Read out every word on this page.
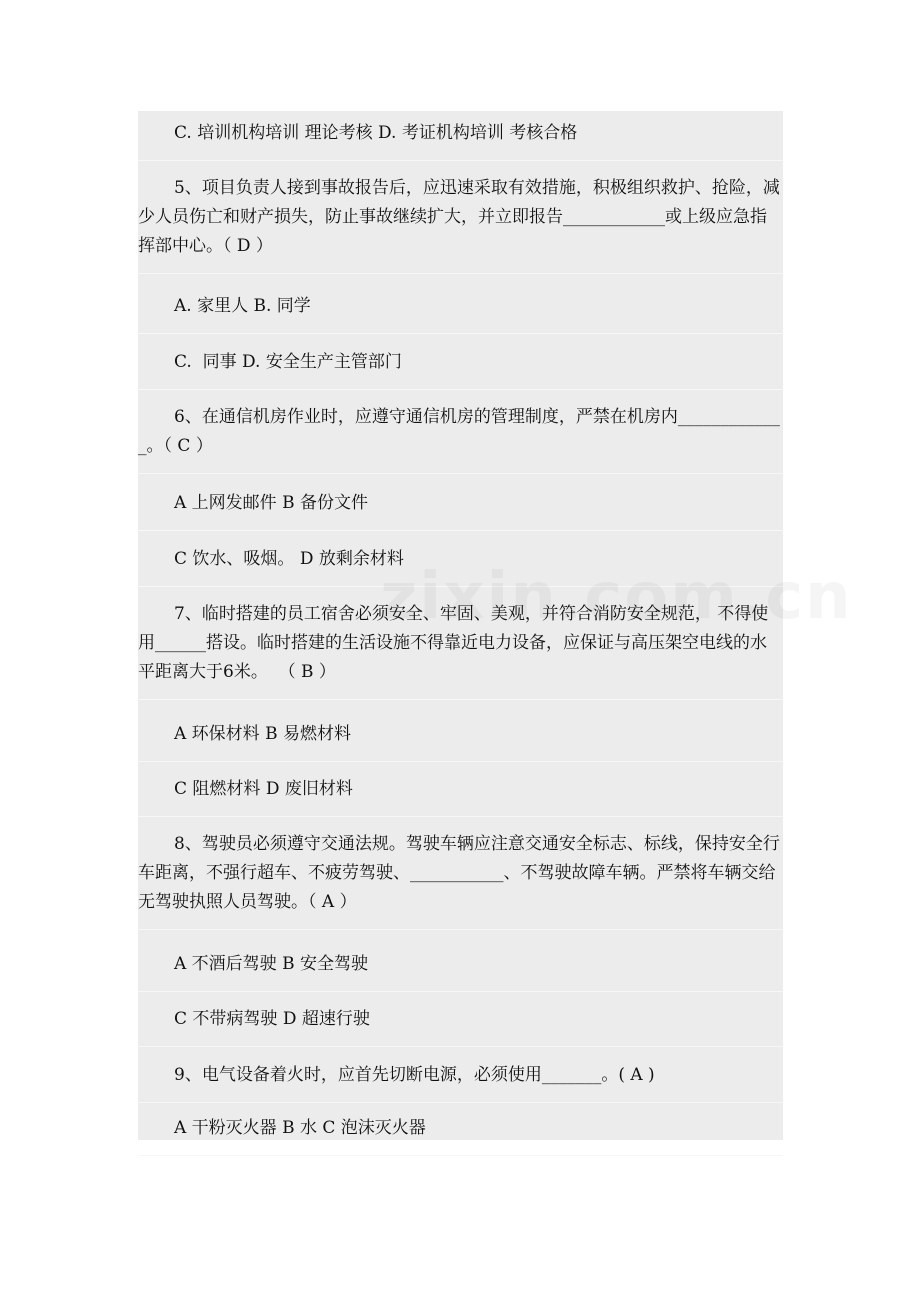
C. 培训机构培训 理论考核 D. 考证机构培训 考核合格
5、项目负责人接到事故报告后，应迅速采取有效措施，积极组织救护、抢险，减少人员伤亡和财产损失，防止事故继续扩大，并立即报告____________或上级应急指挥部中心。（ D ）
A. 家里人 B. 同学
C.  同事 D. 安全生产主管部门
6、在通信机房作业时，应遵守通信机房的管理制度，严禁在机房内_____________。（ C ）
A 上网发邮件 B 备份文件
C 饮水、吸烟。 D 放剩余材料
7、临时搭建的员工宿舍必须安全、牢固、美观，并符合消防安全规范， 不得使用______搭设。临时搭建的生活设施不得靠近电力设备，应保证与高压架空电线的水平距离大于6米。  （ B ）
A 环保材料 B 易燃材料
C 阻燃材料 D 废旧材料
8、驾驶员必须遵守交通法规。驾驶车辆应注意交通安全标志、标线，保持安全行车距离，不强行超车、不疲劳驾驶、___________、不驾驶故障车辆。严禁将车辆交给无驾驶执照人员驾驶。（ A ）
A 不酒后驾驶 B 安全驾驶
C 不带病驾驶 D 超速行驶
9、电气设备着火时，应首先切断电源，必须使用_______。( A )
A 干粉灭火器 B 水 C 泡沫灭火器
